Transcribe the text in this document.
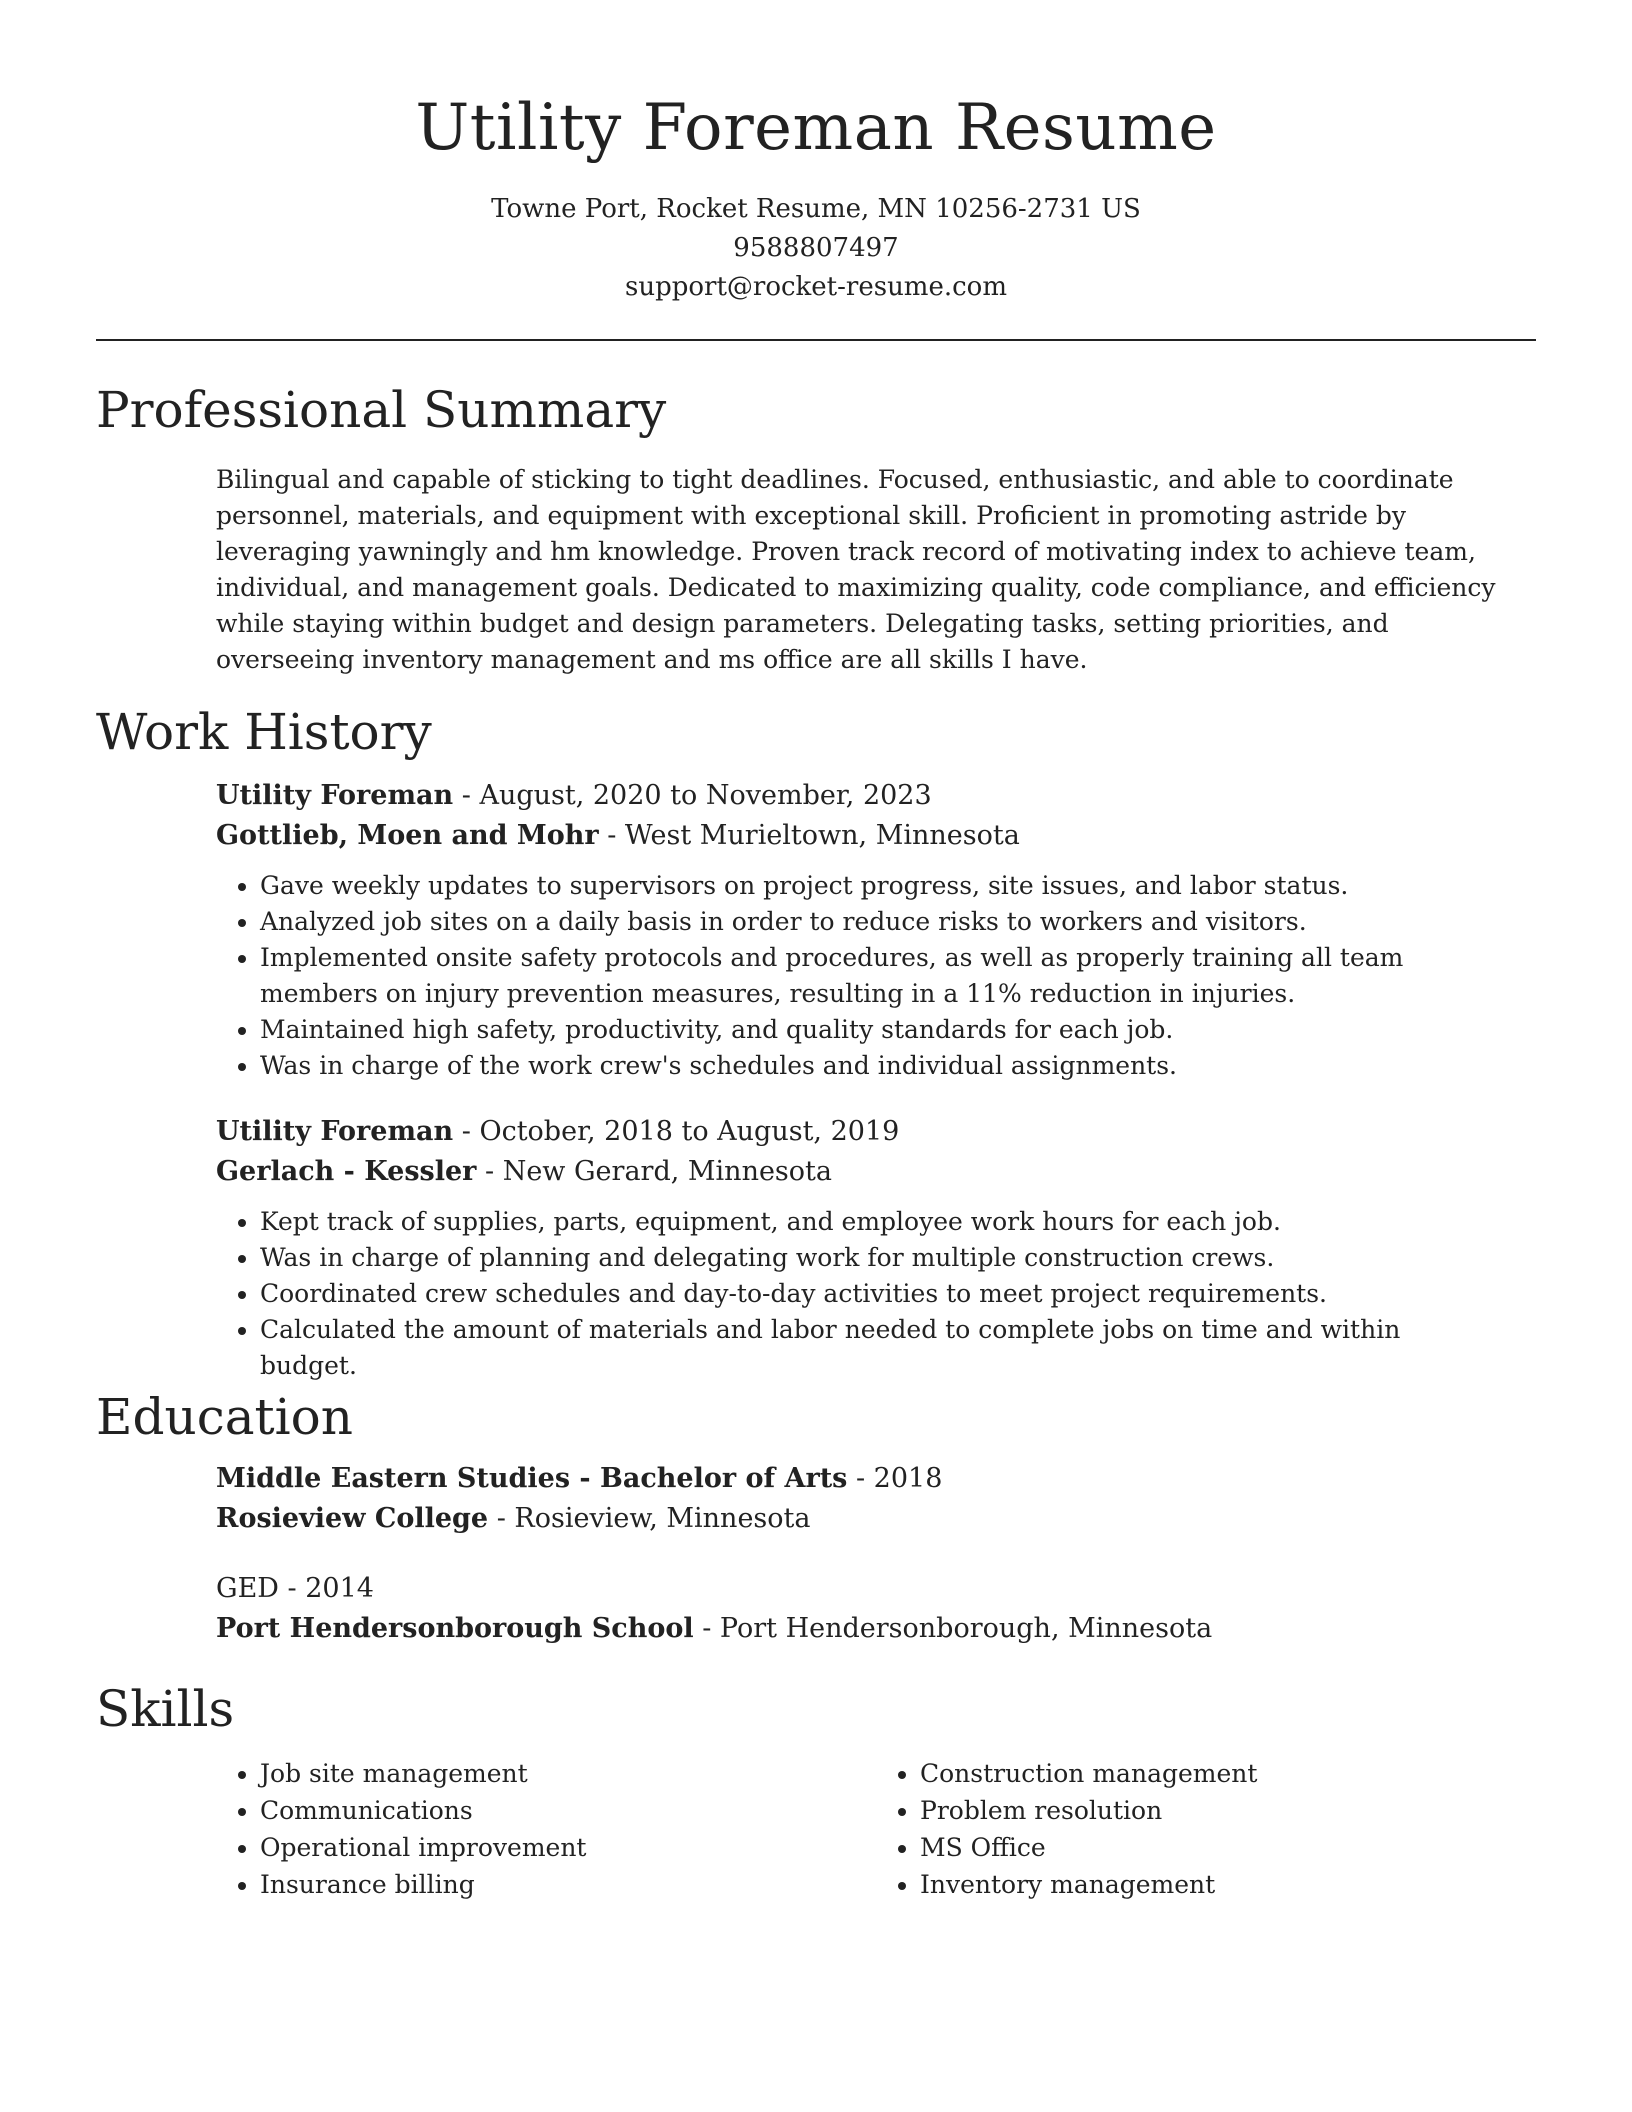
Utility Foreman Resume
Towne Port, Rocket Resume, MN 10256-2731 US
9588807497
support@rocket-resume.com
Professional Summary

Bilingual and capable of sticking to tight deadlines. Focused, enthusiastic, and able to coordinate personnel, materials, and equipment with exceptional skill. Proficient in promoting astride by leveraging yawningly and hm knowledge. Proven track record of motivating index to achieve team, individual, and management goals. Dedicated to maximizing quality, code compliance, and efficiency while staying within budget and design parameters. Delegating tasks, setting priorities, and overseeing inventory management and ms office are all skills I have.

Work History
Utility Foreman - August, 2020 to November, 2023
Gottlieb, Moen and Mohr - West Murieltown, Minnesota
• Gave weekly updates to supervisors on project progress, site issues, and labor status.
• Analyzed job sites on a daily basis in order to reduce risks to workers and visitors.
• Implemented onsite safety protocols and procedures, as well as properly training all team members on injury prevention measures, resulting in a 11% reduction in injuries.
• Maintained high safety, productivity, and quality standards for each job.
• Was in charge of the work crew's schedules and individual assignments.
Utility Foreman - October, 2018 to August, 2019
Gerlach - Kessler - New Gerard, Minnesota
• Kept track of supplies, parts, equipment, and employee work hours for each job.
• Was in charge of planning and delegating work for multiple construction crews.
• Coordinated crew schedules and day-to-day activities to meet project requirements.
• Calculated the amount of materials and labor needed to complete jobs on time and within budget.
Education
Middle Eastern Studies - Bachelor of Arts - 2018
Rosieview College - Rosieview, Minnesota
GED - 2014
Port Hendersonborough School - Port Hendersonborough, Minnesota
Skills
• Job site management
• Communications
• Operational improvement
• Insurance billing
• Construction management
• Problem resolution
• MS Office
• Inventory management
